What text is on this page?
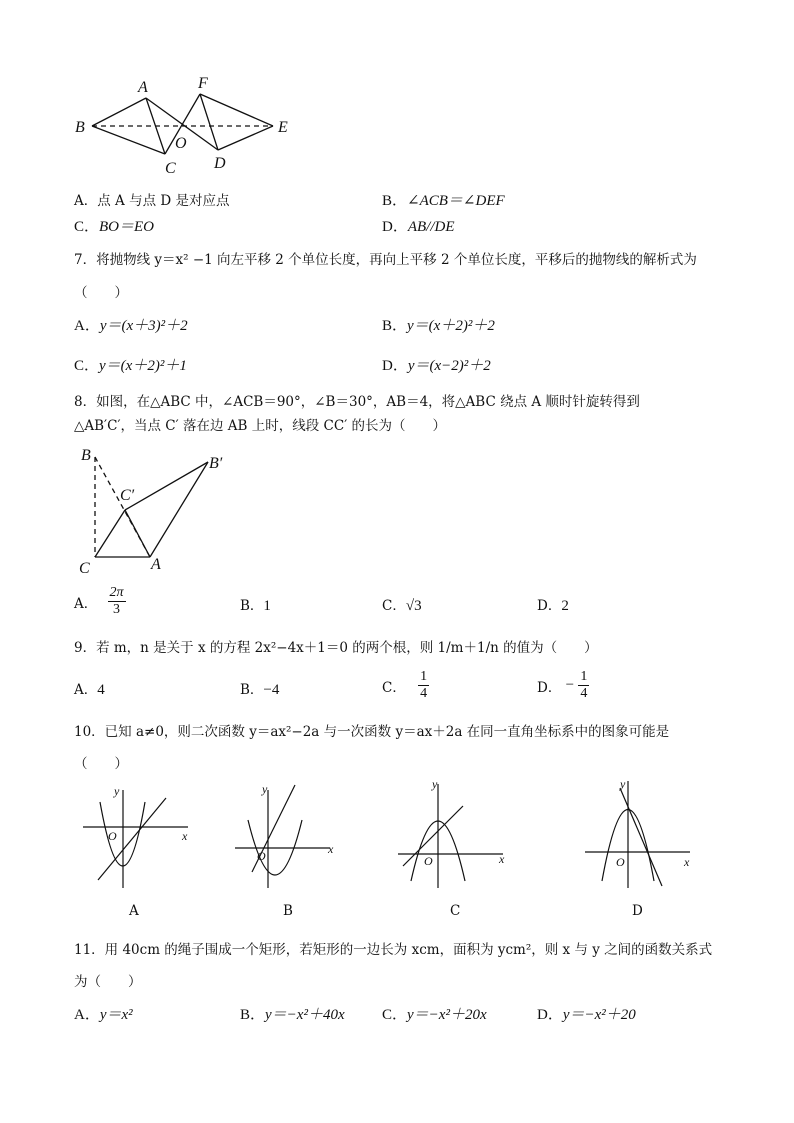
A
B
C
O
F
D
E
A．点 A 与点 D 是对应点	B．∠ACB＝∠DEF
C．BO＝EO	D．AB//DE
7．将抛物线 y＝x² −1 向左平移 2 个单位长度，再向上平移 2 个单位长度，平移后的抛物线的解析式为
（　　）
A．y＝(x＋3)²＋2	B．y＝(x＋2)²＋2
C．y＝(x＋2)²＋1	D．y＝(x−2)²＋2
8．如图，在△ABC 中，∠ACB＝90°，∠B＝30°，AB＝4，将△ABC 绕点 A 顺时针旋转得到
△AB′C′，当点 C′ 落在边 AB 上时，线段 CC′ 的长为（　　）
B	B′
C′
C	A
A． $\frac{2\pi}{3}$	B．1	C．√3	D．2
9．若 m，n 是关于 x 的方程 2x²−4x＋1＝0 的两个根，则 1/m＋1/n 的值为（　　）
A．4	B．−4	C． $\frac{1}{4}$	D． − $\frac{1}{4}$
10．已知 a≠0，则二次函数 y＝ax²−2a 与一次函数 y＝ax＋2a 在同一直角坐标系中的图象可能是
（　　）
x
y
O
A
x
y
O
B
x
y
O
C
x
y
O
D
11．用 40cm 的绳子围成一个矩形，若矩形的一边长为 xcm，面积为 ycm²，则 x 与 y 之间的函数关系式
为（　　）
A．y＝x²	B．y＝−x²＋40x C．y＝−x²＋20x	D．y＝−x²＋20
